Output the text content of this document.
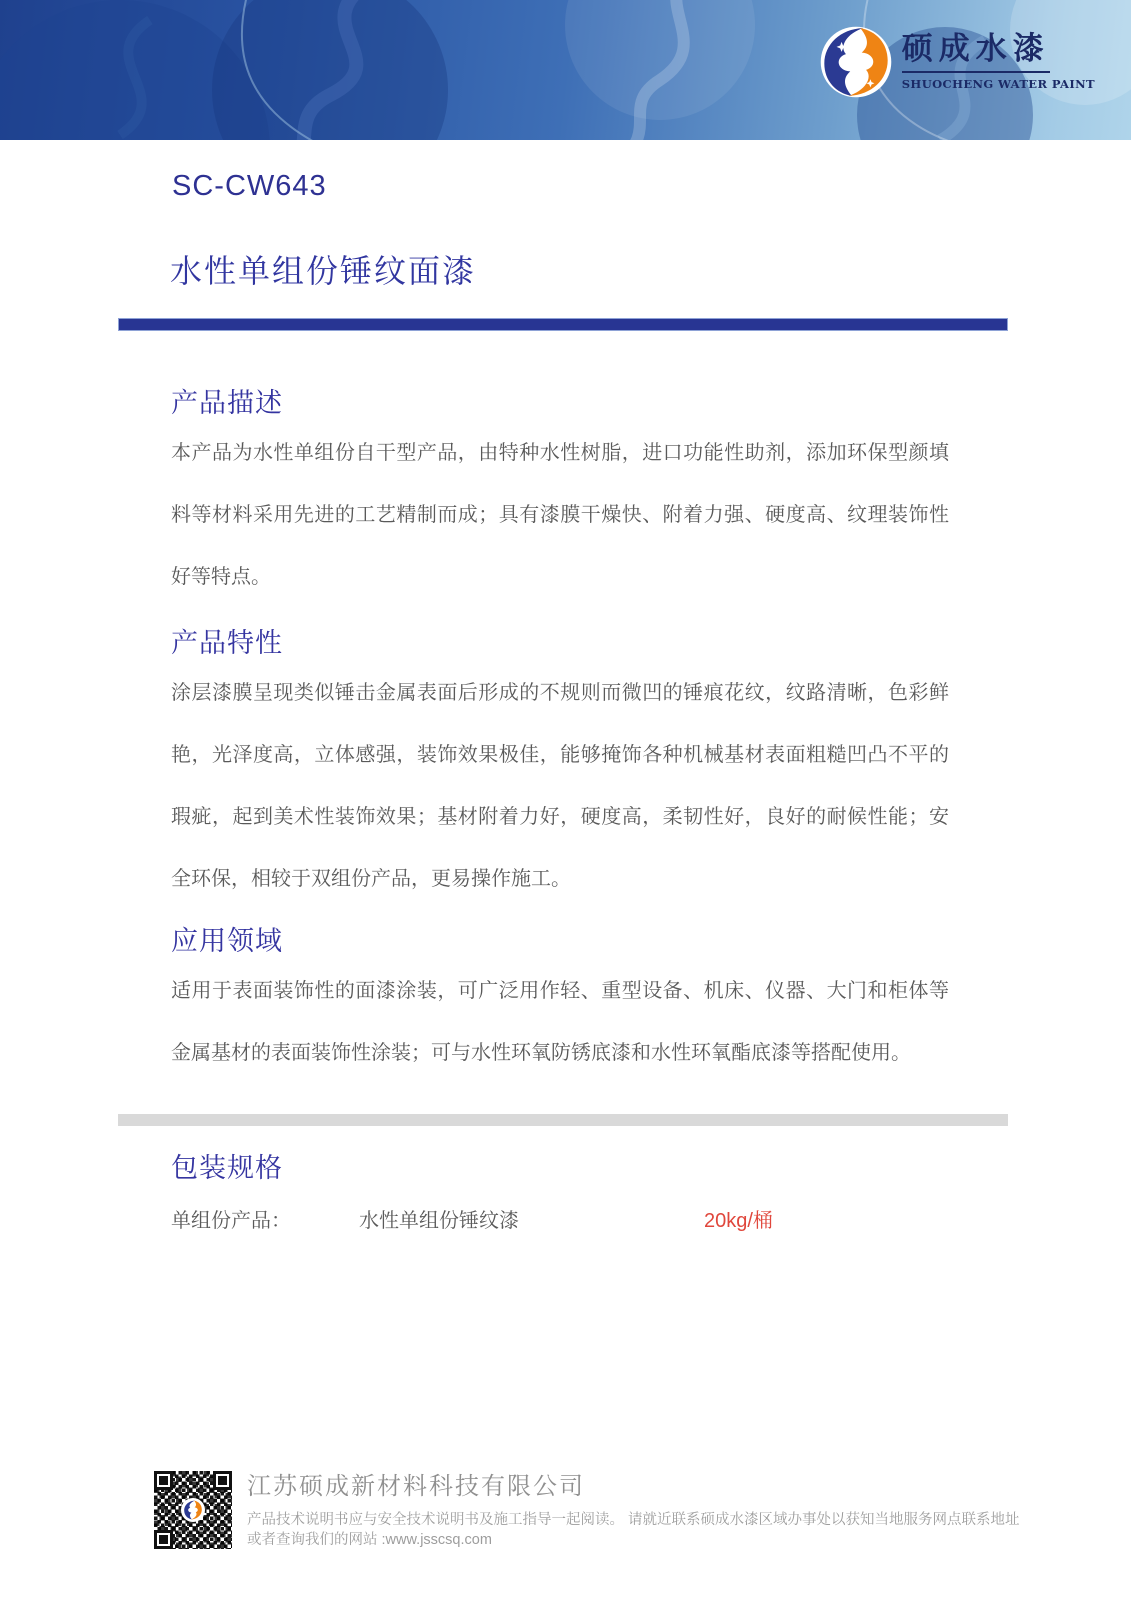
硕成水漆
SHUOCHENG WATER PAINT
SC-CW643
水性单组份锤纹面漆
产品描述

本产品为水性单组份自干型产品，由特种水性树脂，进口功能性助剂，添加环保型颜填料等材料采用先进的工艺精制而成；具有漆膜干燥快、附着力强、硬度高、纹理装饰性好等特点。

产品特性

涂层漆膜呈现类似锤击金属表面后形成的不规则而微凹的锤痕花纹，纹路清晰，色彩鲜艳，光泽度高，立体感强，装饰效果极佳，能够掩饰各种机械基材表面粗糙凹凸不平的瑕疵，起到美术性装饰效果；基材附着力好，硬度高，柔韧性好，良好的耐候性能；安全环保，相较于双组份产品，更易操作施工。

应用领域

适用于表面装饰性的面漆涂装，可广泛用作轻、重型设备、机床、仪器、大门和柜体等金属基材的表面装饰性涂装；可与水性环氧防锈底漆和水性环氧酯底漆等搭配使用。

包装规格
单组份产品：	水性单组份锤纹漆	20kg/桶
江苏硕成新材料科技有限公司
产品技术说明书应与安全技术说明书及施工指导一起阅读。 请就近联系硕成水漆区域办事处以获知当地服务网点联系地址
或者查询我们的网站 :www.jsscsq.com
